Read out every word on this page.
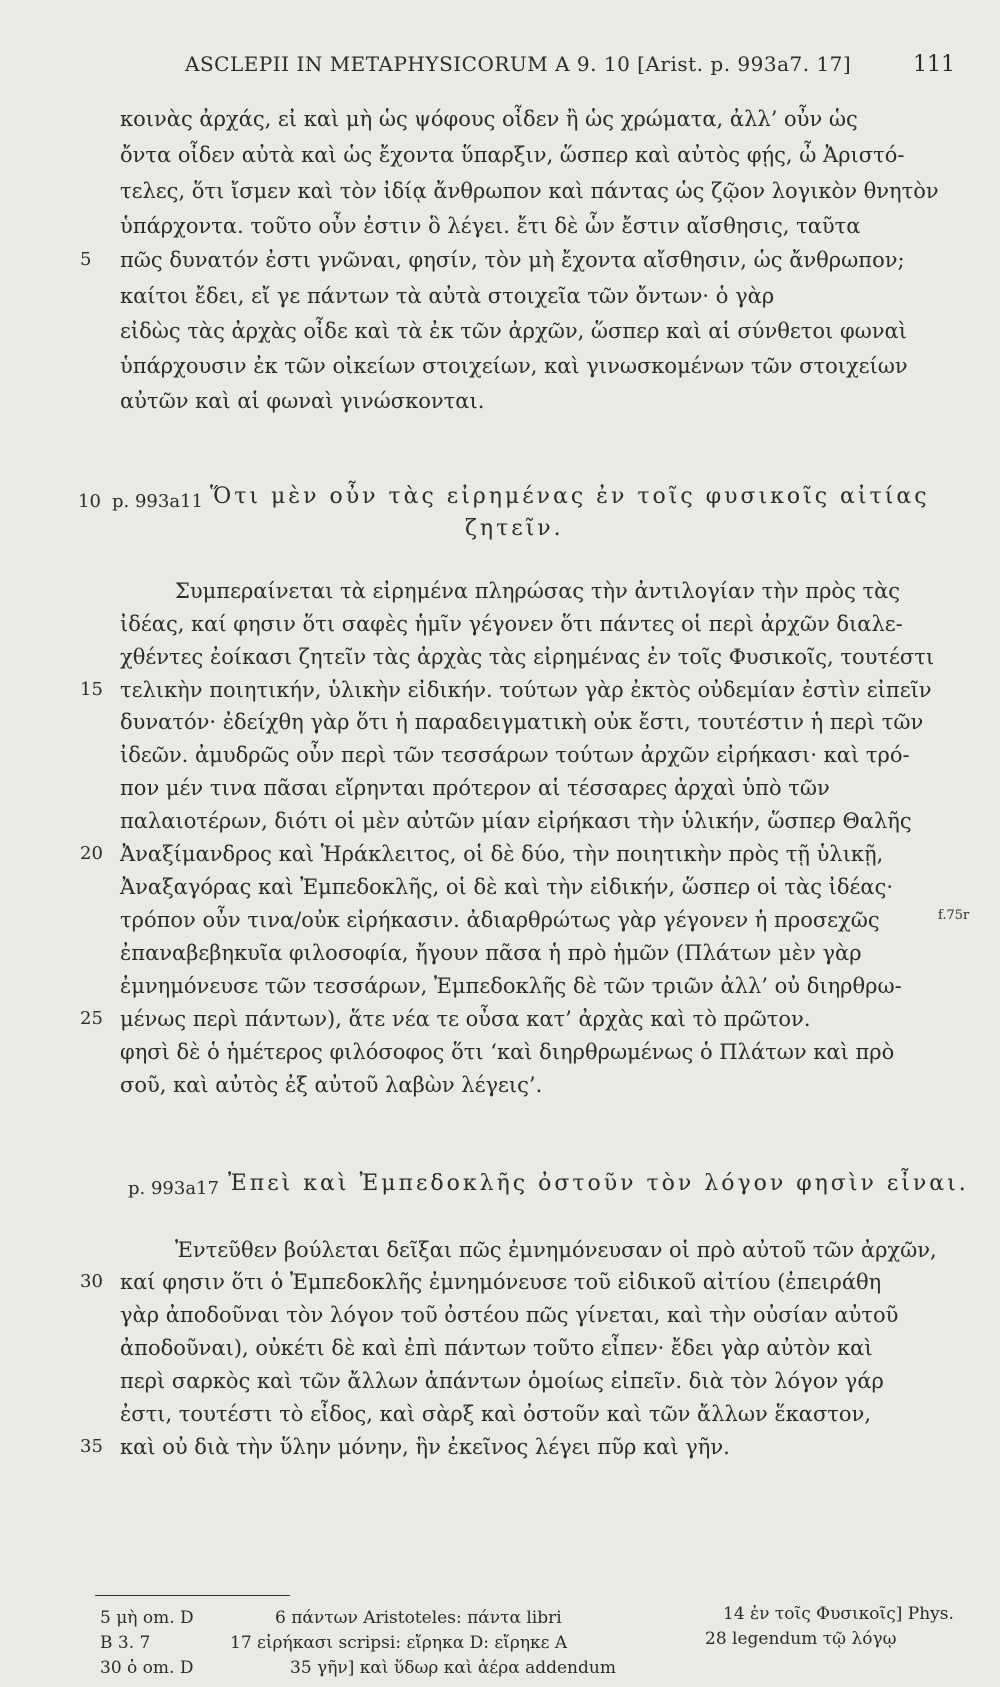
ASCLEPII IN METAPHYSICORUM A 9. 10 [Arist. p. 993a7. 17]	111
κοινὰς ἀρχάς, εἰ καὶ μὴ ὡς ψόφους οἶδεν ἢ ὡς χρώματα, ἀλλ’ οὖν ὡς
ὄντα οἶδεν αὐτὰ καὶ ὡς ἔχοντα ὕπαρξιν, ὥσπερ καὶ αὐτὸς φῄς, ὦ Ἀριστό-
τελες, ὅτι ἴσμεν καὶ τὸν ἰδίᾳ ἄνθρωπον καὶ πάντας ὡς ζῷον λογικὸν θνητὸν
ὑπάρχοντα. τοῦτο οὖν ἐστιν ὃ λέγει. ἔτι δὲ ὧν ἔστιν αἴσθησις, ταῦτα
5	πῶς δυνατόν ἐστι γνῶναι, φησίν, τὸν μὴ ἔχοντα αἴσθησιν, ὡς ἄνθρωπον;
καίτοι ἔδει, εἴ γε πάντων τὰ αὐτὰ στοιχεῖα τῶν ὄντων· ὁ γὰρ
εἰδὼς τὰς ἀρχὰς οἶδε καὶ τὰ ἐκ τῶν ἀρχῶν, ὥσπερ καὶ αἱ σύνθετοι φωναὶ
ὑπάρχουσιν ἐκ τῶν οἰκείων στοιχείων, καὶ γινωσκομένων τῶν στοιχείων
αὐτῶν καὶ αἱ φωναὶ γινώσκονται.
10 p. 993a11 Ὅτι μὲν οὖν τὰς εἰρημένας ἐν τοῖς φυσικοῖς αἰτίας
ζητεῖν.
Συμπεραίνεται τὰ εἰρημένα πληρώσας τὴν ἀντιλογίαν τὴν πρὸς τὰς
ἰδέας, καί φησιν ὅτι σαφὲς ἡμῖν γέγονεν ὅτι πάντες οἱ περὶ ἀρχῶν διαλε-
χθέντες ἐοίκασι ζητεῖν τὰς ἀρχὰς τὰς εἰρημένας ἐν τοῖς Φυσικοῖς, τουτέστι
15 τελικὴν ποιητικήν, ὑλικὴν εἰδικήν. τούτων γὰρ ἐκτὸς οὐδεμίαν ἐστὶν εἰπεῖν
δυνατόν· ἐδείχθη γὰρ ὅτι ἡ παραδειγματικὴ οὐκ ἔστι, τουτέστιν ἡ περὶ τῶν
ἰδεῶν. ἀμυδρῶς οὖν περὶ τῶν τεσσάρων τούτων ἀρχῶν εἰρήκασι· καὶ τρό-
πον μέν τινα πᾶσαι εἴρηνται πρότερον αἱ τέσσαρες ἀρχαὶ ὑπὸ τῶν
παλαιοτέρων, διότι οἱ μὲν αὐτῶν μίαν εἰρήκασι τὴν ὑλικήν, ὥσπερ Θαλῆς
20 Ἀναξίμανδρος καὶ Ἡράκλειτος, οἱ δὲ δύο, τὴν ποιητικὴν πρὸς τῇ ὑλικῇ,
Ἀναξαγόρας καὶ Ἐμπεδοκλῆς, οἱ δὲ καὶ τὴν εἰδικήν, ὥσπερ οἱ τὰς ἰδέας·
τρόπον οὖν τινα/οὐκ εἰρήκασιν. ἀδιαρθρώτως γὰρ γέγονεν ἡ προσεχῶς	f.75r
ἐπαναβεβηκυῖα φιλοσοφία, ἤγουν πᾶσα ἡ πρὸ ἡμῶν (Πλάτων μὲν γὰρ
ἐμνημόνευσε τῶν τεσσάρων, Ἐμπεδοκλῆς δὲ τῶν τριῶν ἀλλ’ οὐ διηρθρω-
25 μένως περὶ πάντων), ἅτε νέα τε οὖσα κατ’ ἀρχὰς καὶ τὸ πρῶτον.
φησὶ δὲ ὁ ἡμέτερος φιλόσοφος ὅτι ‘καὶ διηρθρωμένως ὁ Πλάτων καὶ πρὸ
σοῦ, καὶ αὐτὸς ἐξ αὐτοῦ λαβὼν λέγεις’.
p. 993a17 Ἐπεὶ καὶ Ἐμπεδοκλῆς ὀστοῦν τὸν λόγον φησὶν εἶναι.
Ἐντεῦθεν βούλεται δεῖξαι πῶς ἐμνημόνευσαν οἱ πρὸ αὐτοῦ τῶν ἀρχῶν,
30 καί φησιν ὅτι ὁ Ἐμπεδοκλῆς ἐμνημόνευσε τοῦ εἰδικοῦ αἰτίου (ἐπειράθη
γὰρ ἀποδοῦναι τὸν λόγον τοῦ ὀστέου πῶς γίνεται, καὶ τὴν οὐσίαν αὐτοῦ
ἀποδοῦναι), οὐκέτι δὲ καὶ ἐπὶ πάντων τοῦτο εἶπεν· ἔδει γὰρ αὐτὸν καὶ
περὶ σαρκὸς καὶ τῶν ἄλλων ἁπάντων ὁμοίως εἰπεῖν. διὰ τὸν λόγον γάρ
ἐστι, τουτέστι τὸ εἶδος, καὶ σὰρξ καὶ ὀστοῦν καὶ τῶν ἄλλων ἕκαστον,
35 καὶ οὐ διὰ τὴν ὕλην μόνην, ἣν ἐκεῖνος λέγει πῦρ καὶ γῆν.
5 μὴ om. D
B 3. 7
30 ὁ om. D
6 πάντων Aristoteles: πάντα libri
17 εἰρήκασι scripsi: εἴρηκα D: εἴρηκε A
35 γῆν] καὶ ὕδωρ καὶ ἀέρα addendum
14 ἐν τοῖς Φυσικοῖς] Phys.
28 legendum τῷ λόγῳ
